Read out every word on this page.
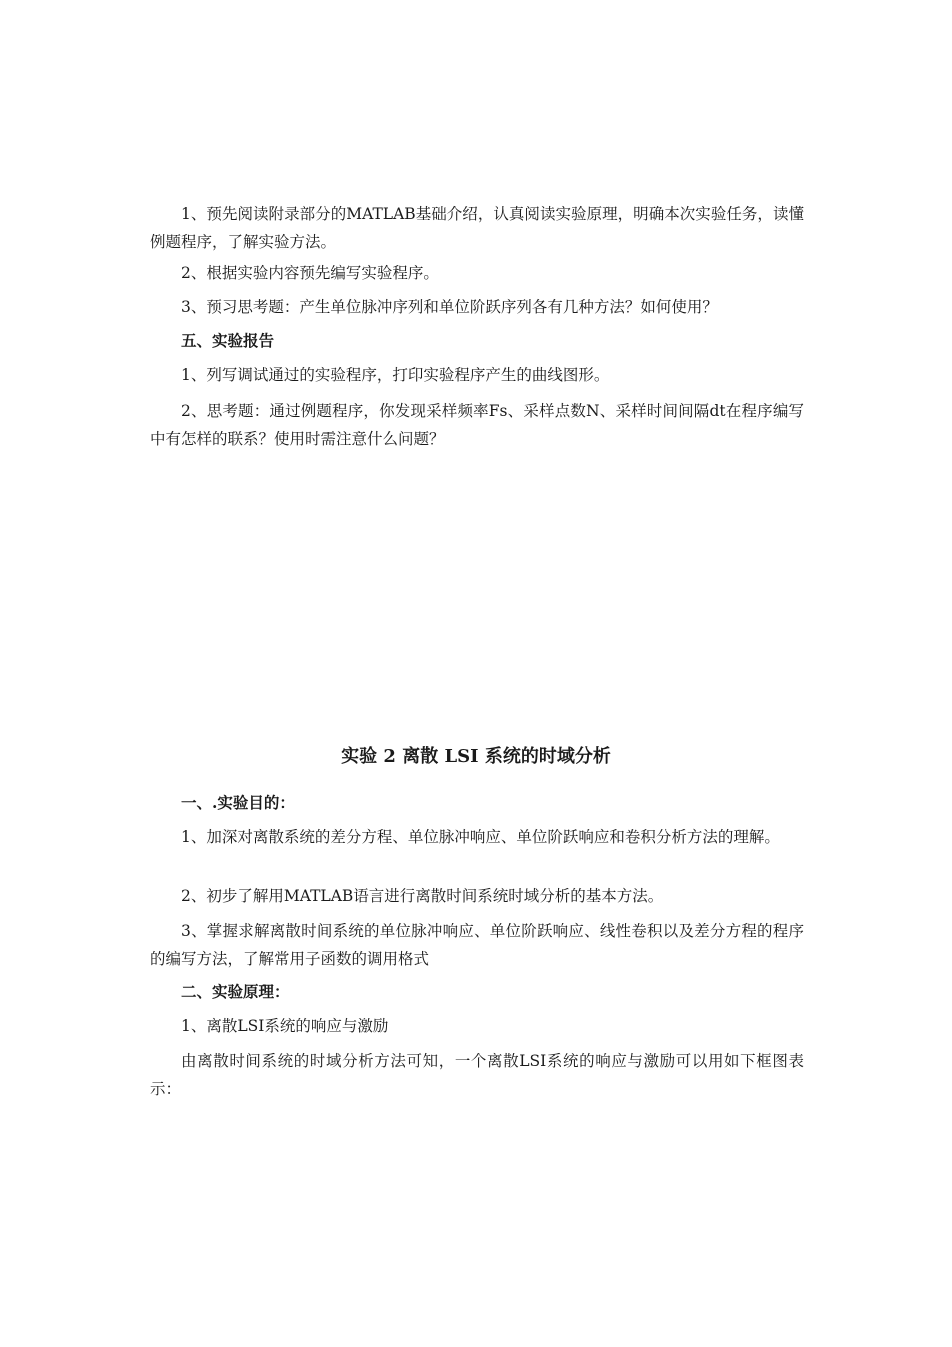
1、预先阅读附录部分的MATLAB基础介绍，认真阅读实验原理，明确本次实验任务，读懂例题程序，了解实验方法。

2、根据实验内容预先编写实验程序。

3、预习思考题：产生单位脉冲序列和单位阶跃序列各有几种方法？如何使用？

五、实验报告

1、列写调试通过的实验程序，打印实验程序产生的曲线图形。

2、思考题：通过例题程序，你发现采样频率Fs、采样点数N、采样时间间隔dt在程序编写中有怎样的联系？使用时需注意什么问题？

实验 2 离散 LSI 系统的时域分析
一、.实验目的：

1、加深对离散系统的差分方程、单位脉冲响应、单位阶跃响应和卷积分析方法的理解。

2、初步了解用MATLAB语言进行离散时间系统时域分析的基本方法。

3、掌握求解离散时间系统的单位脉冲响应、单位阶跃响应、线性卷积以及差分方程的程序的编写方法，了解常用子函数的调用格式

二、实验原理：

1、离散LSI系统的响应与激励

由离散时间系统的时域分析方法可知，一个离散LSI系统的响应与激励可以用如下框图表示：
